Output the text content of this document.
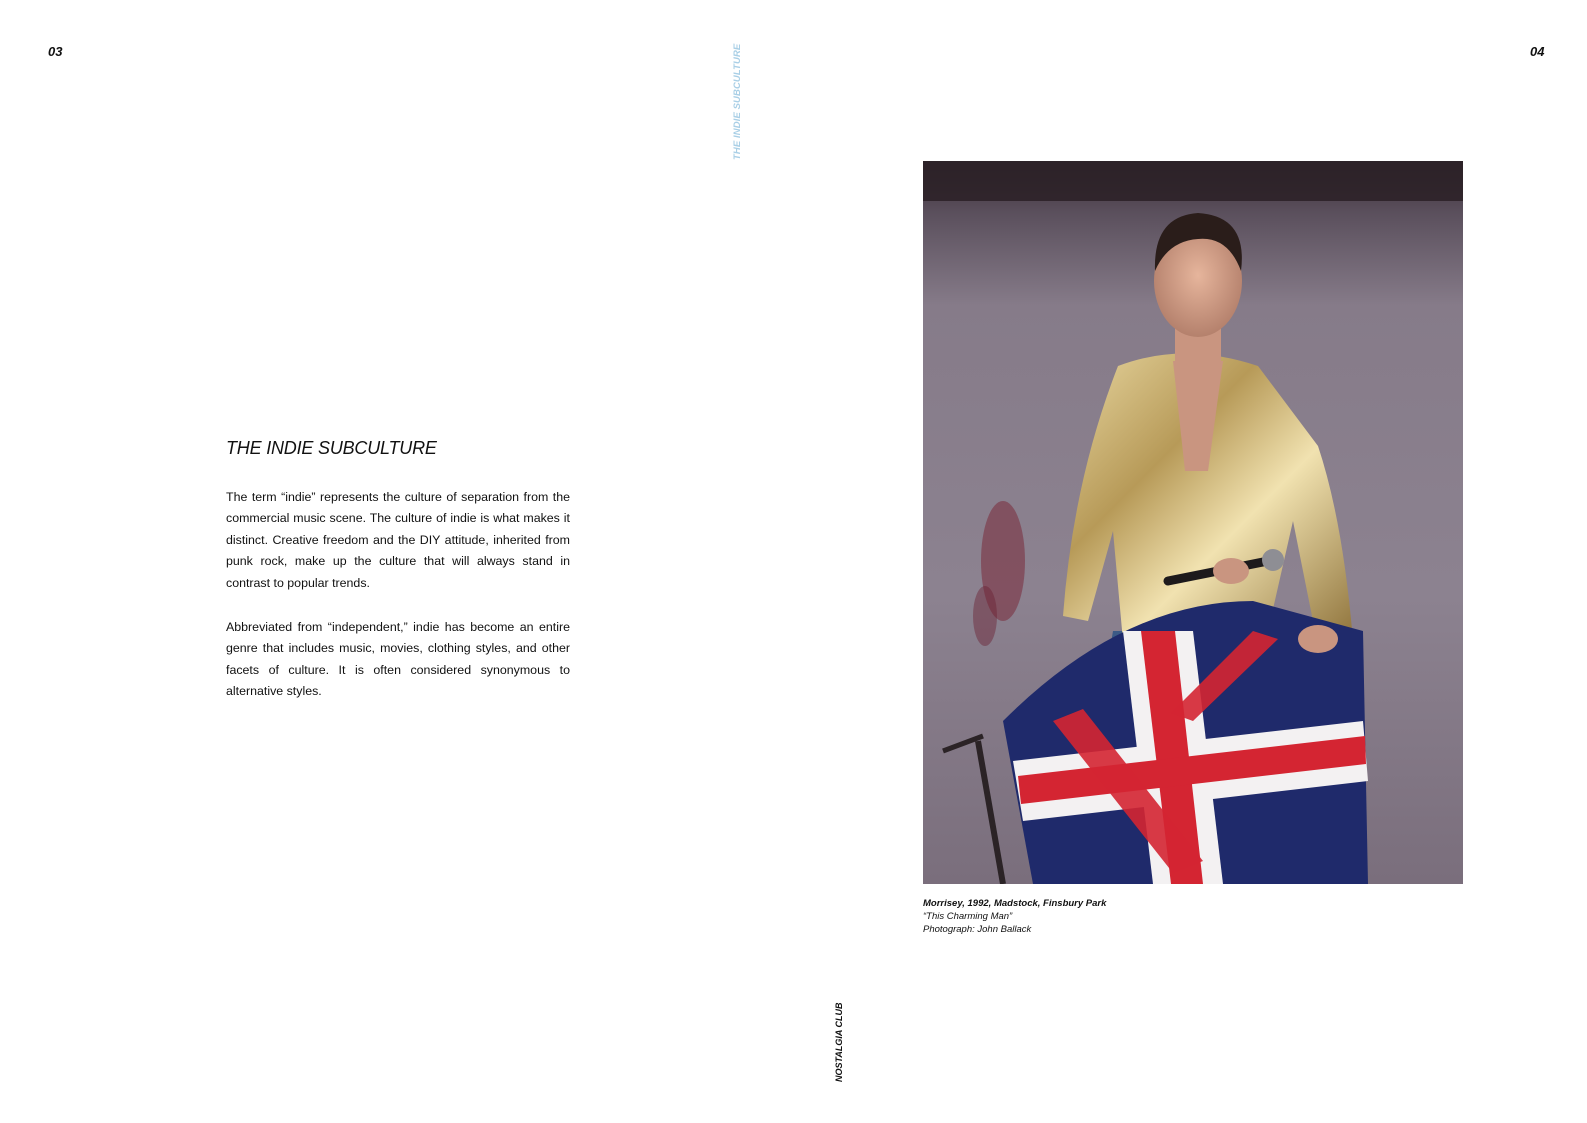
03	04
THE INDIE SUBCULTURE
THE INDIE SUBCULTURE

The term “indie” represents the culture of separation from the commercial music scene. The culture of indie is what makes it distinct. Creative freedom and the DIY attitude, inherited from punk rock, make up the culture that will always stand in contrast to popular trends.

Abbreviated from “independent,” indie has become an entire genre that includes music, movies, clothing styles, and other facets of culture. It is often considered synonymous to alternative styles.

Morrisey, 1992, Madstock, Finsbury Park

“This Charming Man”

Photograph: John Ballack

NOSTALGIA CLUB
